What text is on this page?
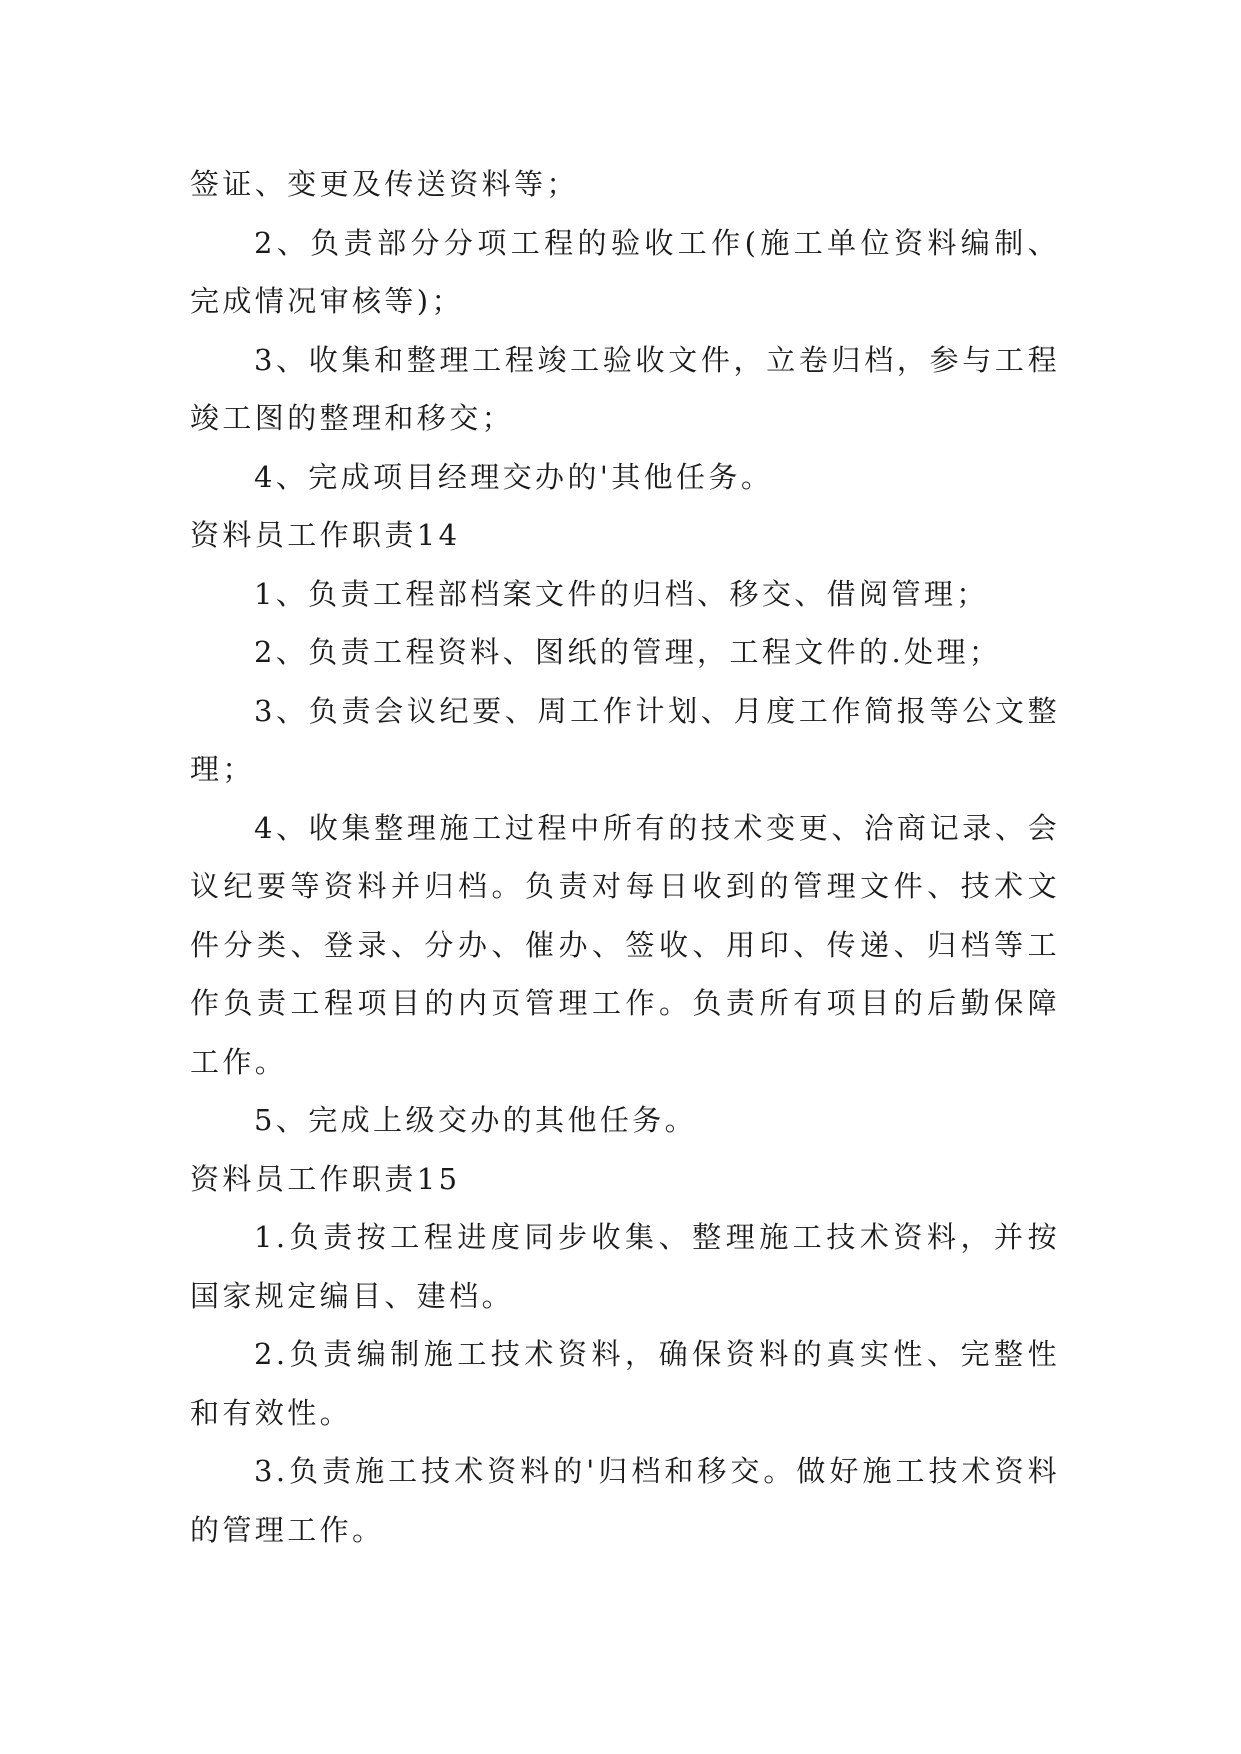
签证、变更及传送资料等；

2、负责部分分项工程的验收工作(施工单位资料编制、完成情况审核等)；

3、收集和整理工程竣工验收文件，立卷归档，参与工程竣工图的整理和移交；

4、完成项目经理交办的'其他任务。

资料员工作职责14

1、负责工程部档案文件的归档、移交、借阅管理；

2、负责工程资料、图纸的管理，工程文件的.处理；

3、负责会议纪要、周工作计划、月度工作简报等公文整理；

4、收集整理施工过程中所有的技术变更、洽商记录、会议纪要等资料并归档。负责对每日收到的管理文件、技术文件分类、登录、分办、催办、签收、用印、传递、归档等工作负责工程项目的内页管理工作。负责所有项目的后勤保障工作。

5、完成上级交办的其他任务。

资料员工作职责15

1.负责按工程进度同步收集、整理施工技术资料，并按国家规定编目、建档。

2.负责编制施工技术资料，确保资料的真实性、完整性和有效性。

3.负责施工技术资料的'归档和移交。做好施工技术资料的管理工作。
